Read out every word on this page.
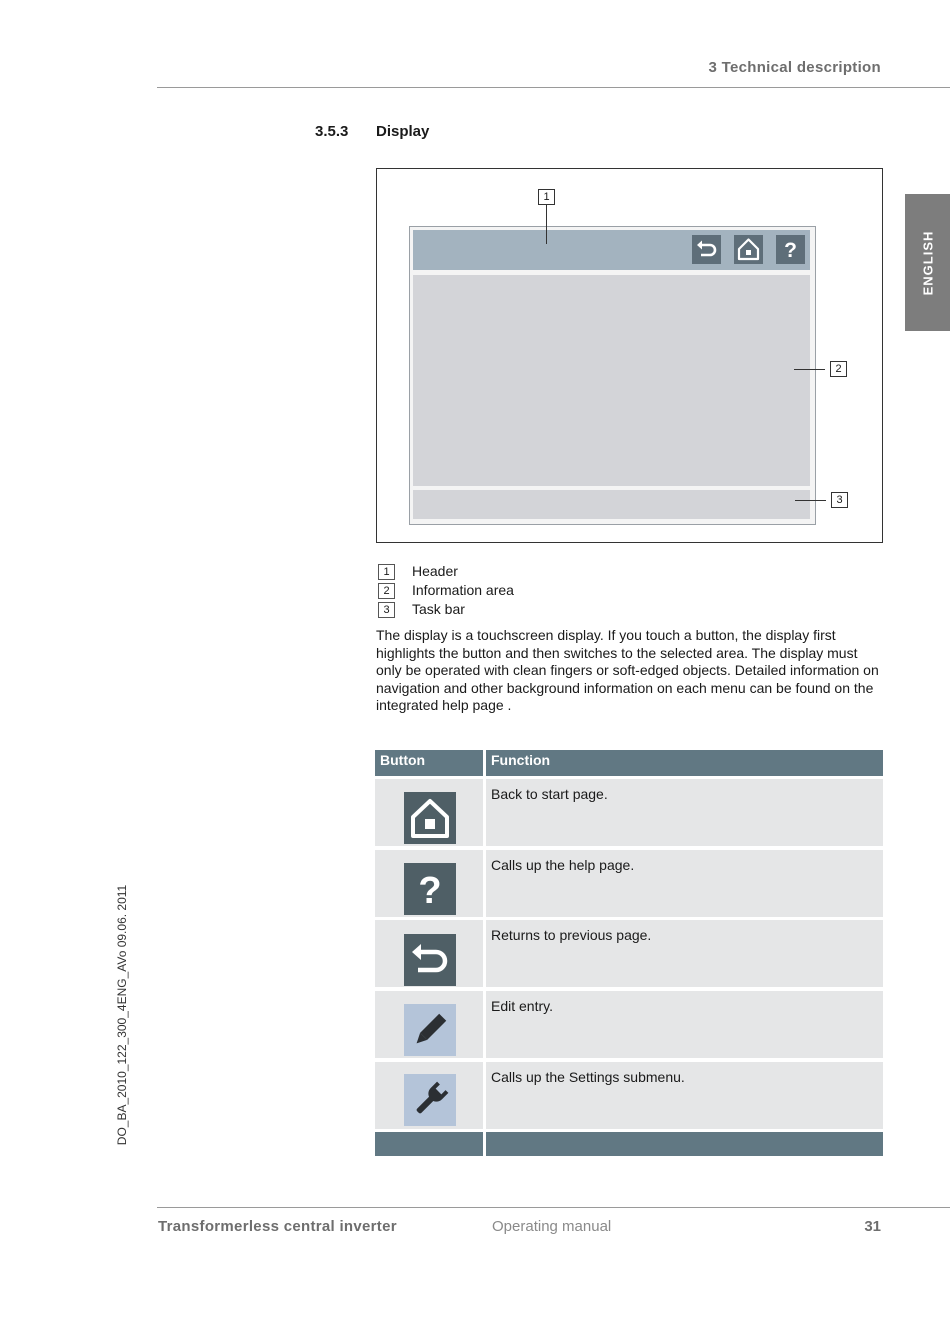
3 Technical description
ENGLISH
3.5.3 Display
?
1
2
3
1	Header
2	Information area
3	Task bar
The display is a touchscreen display. If you touch a button, the display first highlights the button and then switches to the selected area. The display must only be operated with clean fingers or soft-edged objects. Detailed information on navigation and other background information on each menu can be found on the integrated help page .
Button	Function
Back to start page.
Calls up the help page.
?
Returns to previous page.
Edit entry.
Calls up the Settings submenu.
DO_BA_2010_122_300_4ENG_AVo 09.06. 2011
Transformerless central inverter	Operating manual	31
